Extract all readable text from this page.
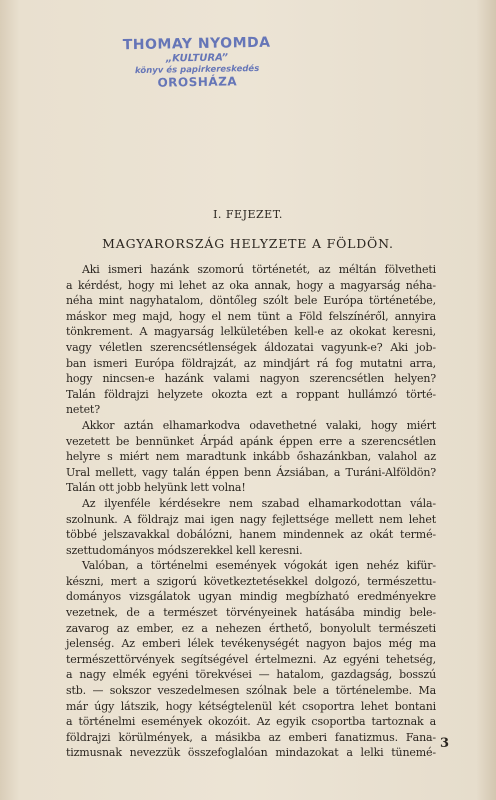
THOMAY NYOMDA
„KULTURA”
könyv és papirkereskedés
OROSHÁZA
I. FEJEZET.
MAGYARORSZÁG HELYZETE A FÖLDÖN.
Aki ismeri hazánk szomorú történetét, az méltán fölvetheti
a kérdést, hogy mi lehet az oka annak, hogy a magyarság néha-
néha mint nagyhatalom, döntőleg szólt bele Európa történetébe,
máskor meg majd, hogy el nem tünt a Föld felszínéről, annyira
tönkrement. A magyarság lelkületében kell-e az okokat keresni,
vagy véletlen szerencsétlenségek áldozatai vagyunk-e? Aki job-
ban ismeri Európa földrajzát, az mindjárt rá fog mutatni arra,
hogy nincsen-e hazánk valami nagyon szerencsétlen helyen?
Talán földrajzi helyzete okozta ezt a roppant hullámzó törté-
netet?
Akkor aztán elhamarkodva odavethetné valaki, hogy miért
vezetett be bennünket Árpád apánk éppen erre a szerencsétlen
helyre s miért nem maradtunk inkább őshazánkban, valahol az
Ural mellett, vagy talán éppen benn Ázsiában, a Turáni-Alföldön?
Talán ott jobb helyünk lett volna!
Az ilyenféle kérdésekre nem szabad elhamarkodottan vála-
szolnunk. A földrajz mai igen nagy fejlettsége mellett nem lehet
többé jelszavakkal dobálózni, hanem mindennek az okát termé-
szettudományos módszerekkel kell keresni.
Valóban, a történelmi események vógokát igen nehéz kifür-
készni, mert a szigorú következtetésekkel dolgozó, természettu-
dományos vizsgálatok ugyan mindig megbízható eredményekre
vezetnek, de a természet törvényeinek hatásába mindig bele-
zavarog az ember, ez a nehezen érthető, bonyolult természeti
jelenség. Az emberi lélek tevékenységét nagyon bajos még ma
természettörvények segítségével értelmezni. Az egyéni tehetség,
a nagy elmék egyéni törekvései — hatalom, gazdagság, bosszú
stb. — sokszor veszedelmesen szólnak bele a történelembe. Ma
már úgy látszik, hogy kétségtelenül két csoportra lehet bontani
a történelmi események okozóit. Az egyik csoportba tartoznak a
földrajzi körülmények, a másikba az emberi fanatizmus. Fana-
tizmusnak nevezzük összefoglalóan mindazokat a lelki tünemé-
3
